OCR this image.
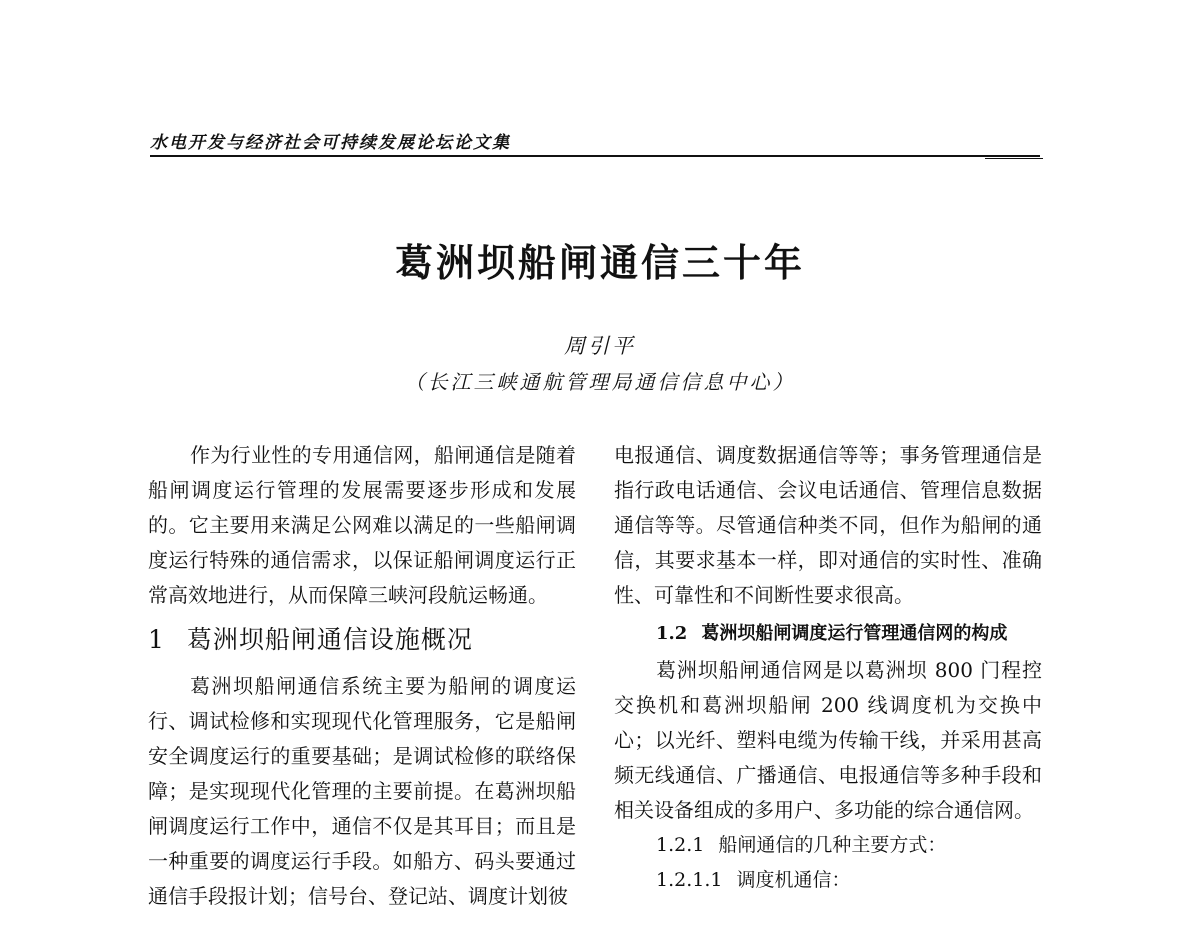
水电开发与经济社会可持续发展论坛论文集
葛洲坝船闸通信三十年
周引平
（长江三峡通航管理局通信信息中心）

作为行业性的专用通信网，船闸通信是随着船闸调度运行管理的发展需要逐步形成和发展的。它主要用来满足公网难以满足的一些船闸调度运行特殊的通信需求，以保证船闸调度运行正常高效地进行，从而保障三峡河段航运畅通。

1 葛洲坝船闸通信设施概况

葛洲坝船闸通信系统主要为船闸的调度运行、调试检修和实现现代化管理服务，它是船闸安全调度运行的重要基础；是调试检修的联络保障；是实现现代化管理的主要前提。在葛洲坝船闸调度运行工作中，通信不仅是其耳目；而且是一种重要的调度运行手段。如船方、码头要通过通信手段报计划；信号台、登记站、调度计划彼

电报通信、调度数据通信等等；事务管理通信是指行政电话通信、会议电话通信、管理信息数据通信等等。尽管通信种类不同，但作为船闸的通信，其要求基本一样，即对通信的实时性、准确性、可靠性和不间断性要求很高。

1.2 葛洲坝船闸调度运行管理通信网的构成

葛洲坝船闸通信网是以葛洲坝 800 门程控交换机和葛洲坝船闸 200 线调度机为交换中心；以光纤、塑料电缆为传输干线，并采用甚高频无线通信、广播通信、电报通信等多种手段和相关设备组成的多用户、多功能的综合通信网。

1.2.1 船闸通信的几种主要方式：

1.2.1.1 调度机通信：
